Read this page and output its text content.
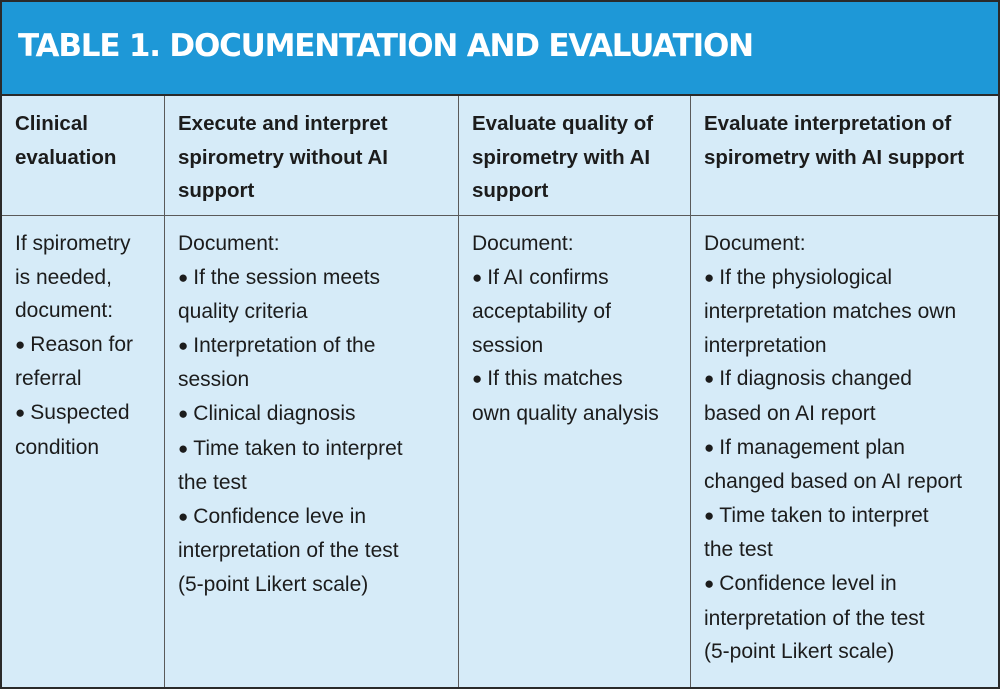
TABLE 1. DOCUMENTATION AND EVALUATION
Clinical
evaluation
Execute and interpret
spirometry without AI
support
Evaluate quality of
spirometry with AI
support
Evaluate interpretation of
spirometry with AI support
If spirometry
is needed,
document:
● Reason for
referral
● Suspected
condition
Document:
● If the session meets
quality criteria
● Interpretation of the
session
● Clinical diagnosis
● Time taken to interpret
the test
● Confidence leve in
interpretation of the test
(5-point Likert scale)
Document:
● If AI confirms
acceptability of
session
● If this matches
own quality analysis
Document:
● If the physiological
interpretation matches own
interpretation
● If diagnosis changed
based on AI report
● If management plan
changed based on AI report
● Time taken to interpret
the test
● Confidence level in
interpretation of the test
(5-point Likert scale)
